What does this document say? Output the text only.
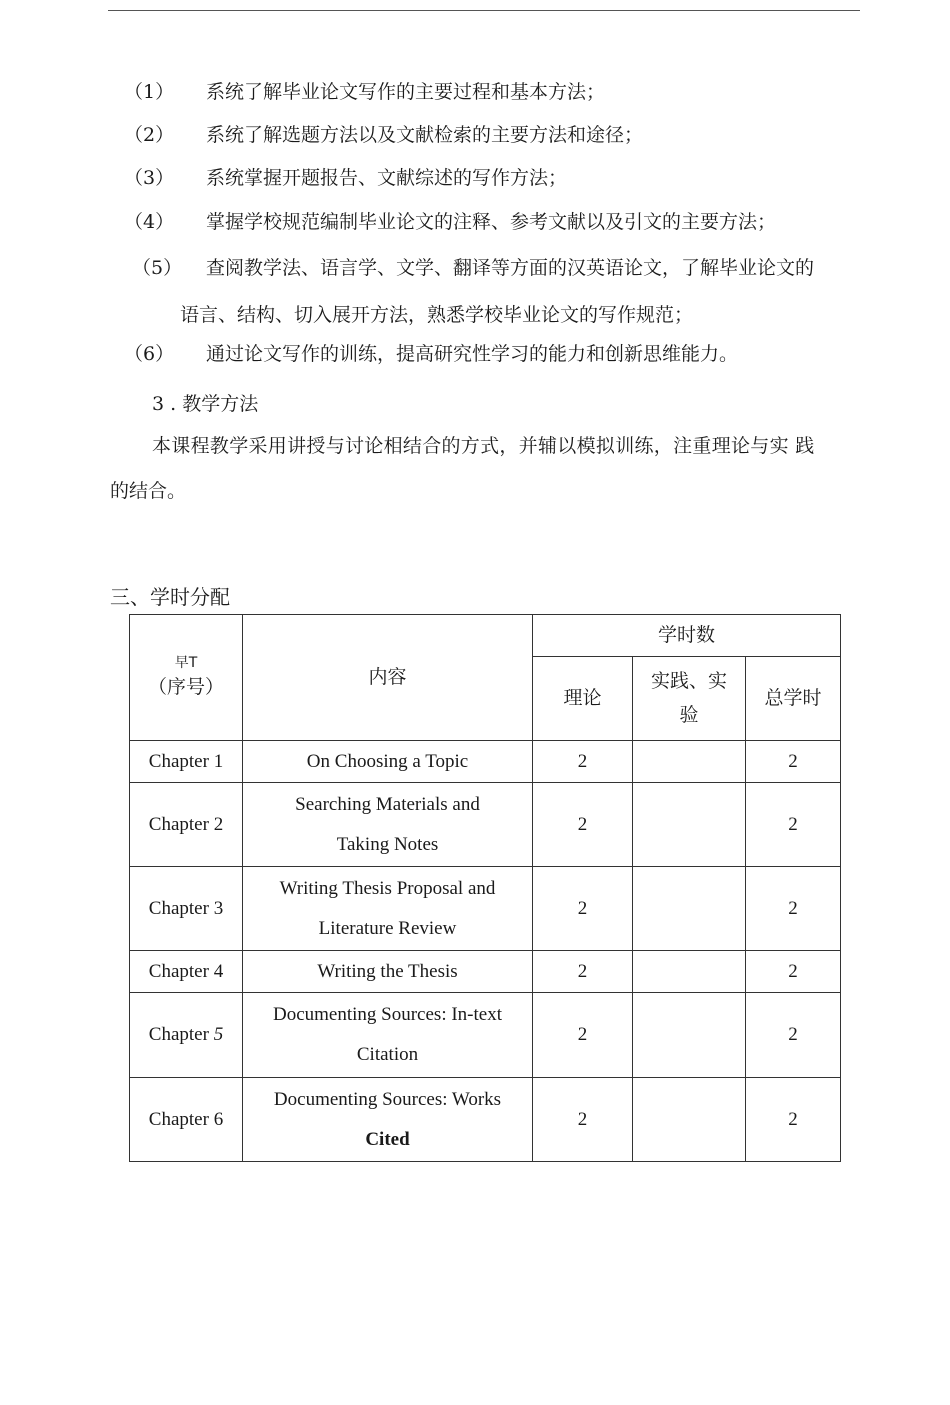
（1） 系统了解毕业论文写作的主要过程和基本方法；
（2） 系统了解选题方法以及文献检索的主要方法和途径；
（3） 系统掌握开题报告、文献综述的写作方法；
（4） 掌握学校规范编制毕业论文的注释、参考文献以及引文的主要方法；
（5） 查阅教学法、语言学、文学、翻译等方面的汉英语论文，了解毕业论文的
语言、结构、切入展开方法，熟悉学校毕业论文的写作规范；
（6） 通过论文写作的训练，提高研究性学习的能力和创新思维能力。
3 . 教学方法
本课程教学采用讲授与讨论相结合的方式，并辅以模拟训练，注重理论与实 践
的结合。
三、学时分配
早T
（序号）	内容	学时数		
		理论	实践、实
验	总学时
Chapter 1	On Choosing a Topic	2		2
Chapter 2	Searching Materials and
Taking Notes	2		2
Chapter 3	Writing Thesis Proposal and
Literature Review	2		2
Chapter 4	Writing the Thesis	2		2
Chapter 5	Documenting Sources: In-text
Citation	2		2
Chapter 6	Documenting Sources: Works
Cited	2		2
